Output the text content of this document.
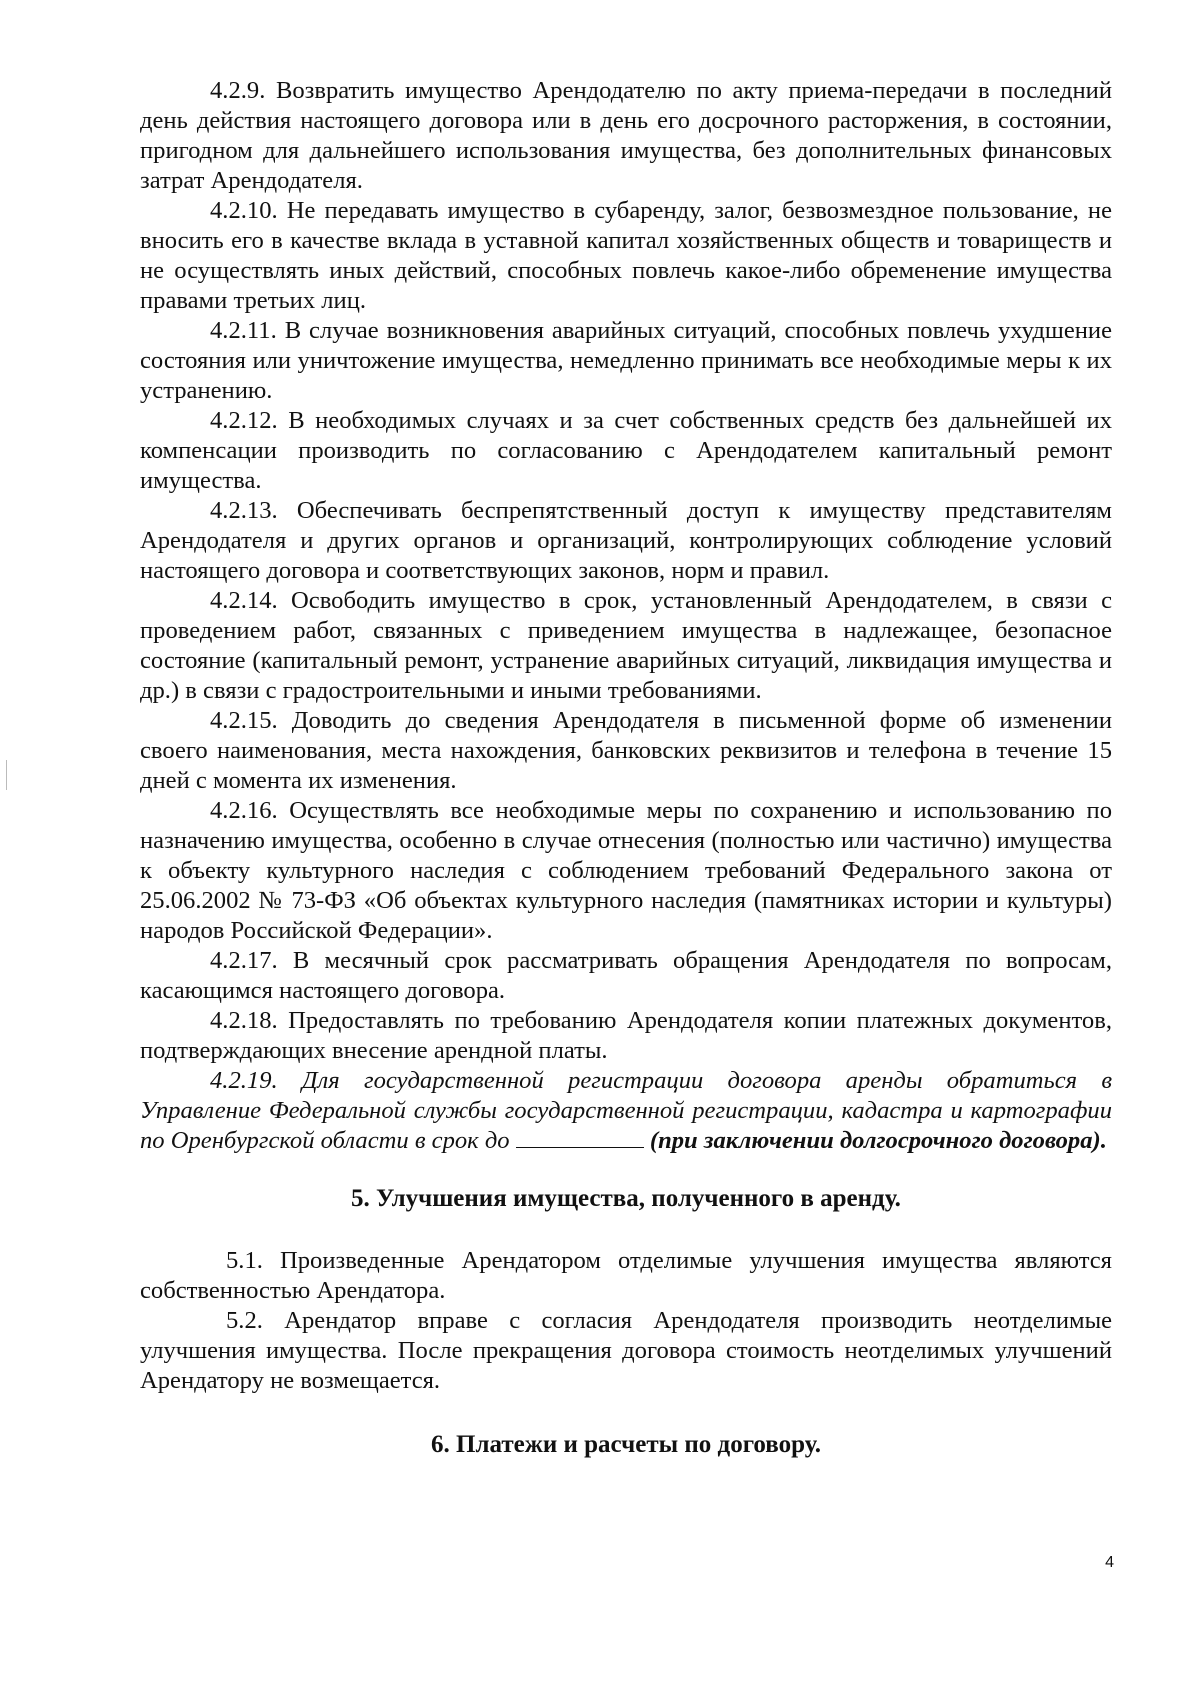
4.2.9. Возвратить имущество Арендодателю по акту приема-передачи в последний день действия настоящего договора или в день его досрочного расторжения, в состоянии, пригодном для дальнейшего использования имущества, без дополнительных финансовых затрат Арендодателя.

4.2.10. Не передавать имущество в субаренду, залог, безвозмездное пользование, не вносить его в качестве вклада в уставной капитал хозяйственных обществ и товариществ и не осуществлять иных действий, способных повлечь какое-либо обременение имущества правами третьих лиц.

4.2.11. В случае возникновения аварийных ситуаций, способных повлечь ухудшение состояния или уничтожение имущества, немедленно принимать все необходимые меры к их устранению.

4.2.12. В необходимых случаях и за счет собственных средств без дальнейшей их компенсации производить по согласованию с Арендодателем капитальный ремонт имущества.

4.2.13. Обеспечивать беспрепятственный доступ к имуществу представителям Арендодателя и других органов и организаций, контролирующих соблюдение условий настоящего договора и соответствующих законов, норм и правил.

4.2.14. Освободить имущество в срок, установленный Арендодателем, в связи с проведением работ, связанных с приведением имущества в надлежащее, безопасное состояние (капитальный ремонт, устранение аварийных ситуаций, ликвидация имущества и др.) в связи с градостроительными и иными требованиями.

4.2.15. Доводить до сведения Арендодателя в письменной форме об изменении своего наименования, места нахождения, банковских реквизитов и телефона в течение 15 дней с момента их изменения.

4.2.16. Осуществлять все необходимые меры по сохранению и использованию по назначению имущества, особенно в случае отнесения (полностью или частично) имущества к объекту культурного наследия с соблюдением требований Федерального закона от 25.06.2002 № 73-ФЗ «Об объектах культурного наследия (памятниках истории и культуры) народов Российской Федерации».

4.2.17. В месячный срок рассматривать обращения Арендодателя по вопросам, касающимся настоящего договора.

4.2.18. Предоставлять по требованию Арендодателя копии платежных документов, подтверждающих внесение арендной платы.

4.2.19. Для государственной регистрации договора аренды обратиться в Управление Федеральной службы государственной регистрации, кадастра и картографии по Оренбургской области в срок до	(при заключении долгосрочного договора).

5. Улучшения имущества, полученного в аренду.

5.1. Произведенные Арендатором отделимые улучшения имущества являются собственностью Арендатора.

5.2. Арендатор вправе с согласия Арендодателя производить неотделимые улучшения имущества. После прекращения договора стоимость неотделимых улучшений Арендатору не возмещается.

6. Платежи и расчеты по договору.
4
